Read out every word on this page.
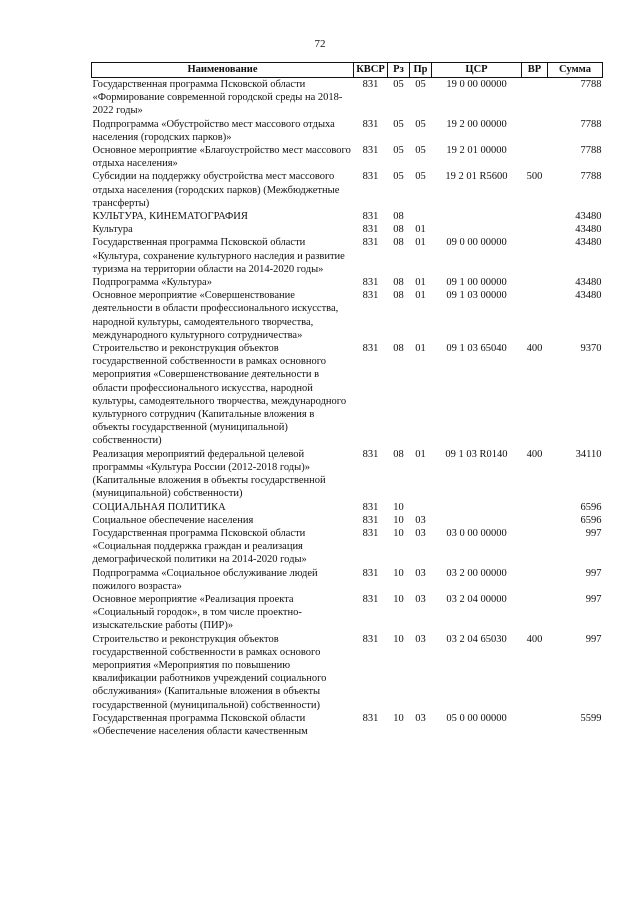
72
Наименование	КВСР	Рз	Пр	ЦСР	ВР	Сумма
Государственная программа Псковской области «Формирование современной городской среды на 2018-2022 годы»	831	05	05	19 0 00 00000		7788
Подпрограмма «Обустройство мест массового отдыха населения (городских парков)»	831	05	05	19 2 00 00000		7788
Основное мероприятие «Благоустройство мест массового отдыха населения»	831	05	05	19 2 01 00000		7788
Субсидии на поддержку обустройства мест массового отдыха населения (городских парков) (Межбюджетные трансферты)	831	05	05	19 2 01 R5600	500	7788
КУЛЬТУРА, КИНЕМАТОГРАФИЯ	831	08				43480
Культура	831	08	01			43480
Государственная программа Псковской области «Культура, сохранение культурного наследия и развитие туризма на территории области на 2014-2020 годы»	831	08	01	09 0 00 00000		43480
Подпрограмма «Культура»	831	08	01	09 1 00 00000		43480
Основное мероприятие «Совершенствование деятельности в области профессионального искусства, народной культуры, самодеятельного творчества, международного культурного сотрудничества»	831	08	01	09 1 03 00000		43480
Строительство и реконструкция объектов государственной собственности в рамках основного мероприятия «Совершенствование деятельности в области профессионального искусства, народной культуры, самодеятельного творчества, международного культурного сотруднич (Капитальные вложения в объекты государственной (муниципальной) собственности)	831	08	01	09 1 03 65040	400	9370
Реализация мероприятий федеральной целевой программы «Культура России (2012-2018 годы)» (Капитальные вложения в объекты государственной (муниципальной) собственности)	831	08	01	09 1 03 R0140	400	34110
СОЦИАЛЬНАЯ ПОЛИТИКА	831	10				6596
Социальное обеспечение населения	831	10	03			6596
Государственная программа Псковской области «Социальная поддержка граждан и реализация демографической политики на 2014-2020 годы»	831	10	03	03 0 00 00000		997
Подпрограмма «Социальное обслуживание людей пожилого возраста»	831	10	03	03 2 00 00000		997
Основное мероприятие «Реализация проекта «Социальный городок», в том числе проектно-изыскательские работы (ПИР)»	831	10	03	03 2 04 00000		997
Строительство и реконструкция объектов государственной собственности в рамках основого мероприятия «Мероприятия по повышению квалификации работников учреждений социального обслуживания» (Капитальные вложения в объекты государственной (муниципальной) собственности)	831	10	03	03 2 04 65030	400	997
Государственная программа Псковской области «Обеспечение населения области качественным	831	10	03	05 0 00 00000		5599
